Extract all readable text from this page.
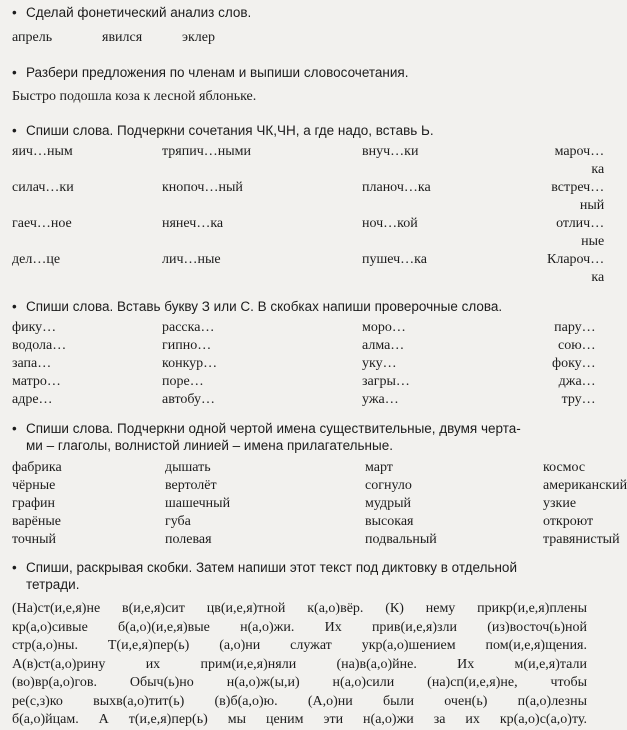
• Сделай фонетический анализ слов.

апрель	явился	эклер

• Разбери предложения по членам и выпиши словосочетания.

Быстро подошла коза к лесной яблоньке.

• Спиши слова. Подчеркни сочетания ЧК,ЧН, а где надо, вставь Ь.

яич…ным	тряпич…ными	внуч…ки	мароч…ка
силач…ки	кнопоч…ный	планоч…ка	встреч…ный
гаеч…ное	нянеч…ка	ноч…кой	отлич…ные
дел…це	лич…ные	пушеч…ка	Клароч…ка

• Спиши слова. Вставь букву З или С. В скобках напиши проверочные слова.

фику…	расска…	моро…	пару…
водола…	гипно…	алма…	сою…
запа…	конкур…	уку…	фоку…
матро…	поре…	загры…	джа…
адре…	автобу…	ужа…	тру…
• Спиши слова. Подчеркни одной чертой имена существительные, двумя черта-
ми – глаголы, волнистой линией – имена прилагательные.
фабрика	дышать	март	космос
чёрные	вертолёт	согнуло	американский
графин	шашечный	мудрый	узкие
варёные	губа	высокая	откроют
точный	полевая	подвальный	травянистый
• Спиши, раскрывая скобки. Затем напиши этот текст под диктовку в отдельной
тетради.

(На)ст(и,е,я)не в(и,е,я)сит цв(и,е,я)тной к(а,о)вёр. (К) нему прикр(и,е,я)плены

кр(а,о)сивые б(а,о)(и,е,я)вые н(а,о)жи. Их прив(и,е,я)зли (из)восточ(ь)ной

стр(а,о)ны. Т(и,е,я)пер(ь) (а,о)ни служат укр(а,о)шением пом(и,е,я)щения.

А(в)ст(а,о)рину их прим(и,е,я)няли (на)в(а,о)йне. Их м(и,е,я)тали

(во)вр(а,о)гов. Обыч(ь)но н(а,о)ж(ы,и) н(а,о)сили (на)сп(и,е,я)не, чтобы

ре(с,з)ко выхв(а,о)тит(ь) (в)б(а,о)ю. (А,о)ни были очен(ь) п(а,о)лезны

б(а,о)йцам. А т(и,е,я)пер(ь) мы ценим эти н(а,о)жи за их кр(а,о)с(а,о)ту.
